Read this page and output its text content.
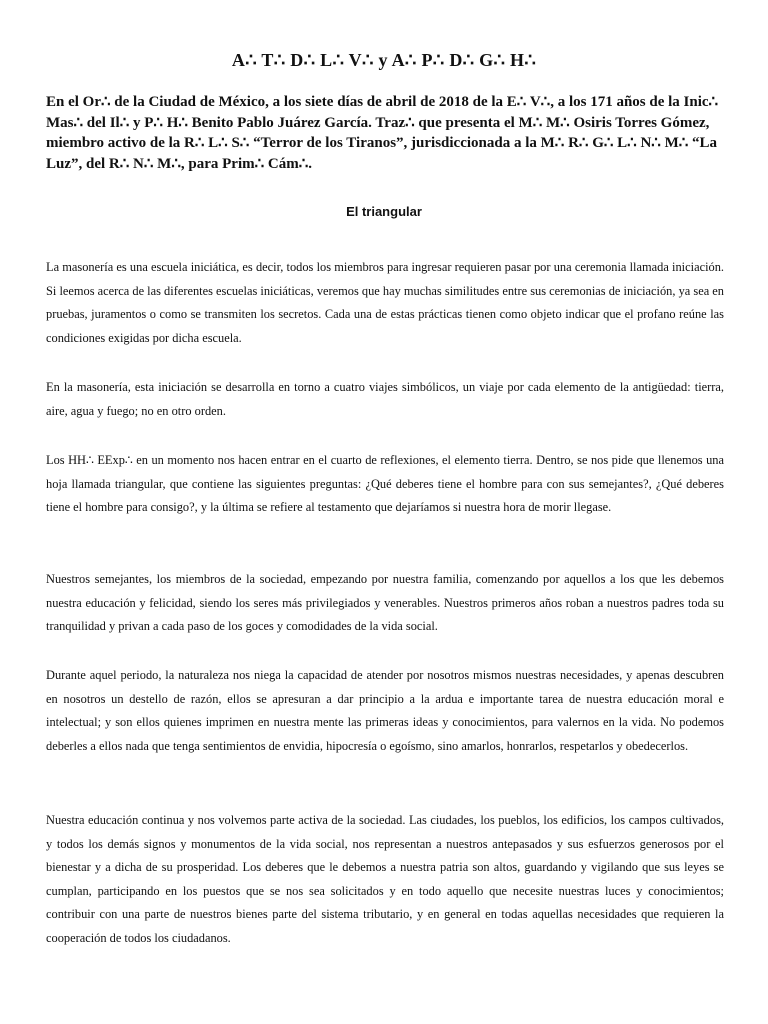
A∴ T∴ D∴ L∴ V∴ y A∴ P∴ D∴ G∴ H∴

En el Or∴ de la Ciudad de México, a los siete días de abril de 2018 de la E∴ V∴, a los 171 años de la Inic∴ Mas∴ del Il∴ y P∴ H∴ Benito Pablo Juárez García. Traz∴ que presenta el M∴ M∴ Osiris Torres Gómez, miembro activo de la R∴ L∴ S∴ “Terror de los Tiranos”, jurisdiccionada a la M∴ R∴ G∴ L∴ N∴ M∴ “La Luz”, del R∴ N∴ M∴, para Prim∴ Cám∴.

El triangular

La masonería es una escuela iniciática, es decir, todos los miembros para ingresar requieren pasar por una ceremonia llamada iniciación. Si leemos acerca de las diferentes escuelas iniciáticas, veremos que hay muchas similitudes entre sus ceremonias de iniciación, ya sea en pruebas, juramentos o como se transmiten los secretos. Cada una de estas prácticas tienen como objeto indicar que el profano reúne las condiciones exigidas por dicha escuela.

En la masonería, esta iniciación se desarrolla en torno a cuatro viajes simbólicos, un viaje por cada elemento de la antigüedad: tierra, aire, agua y fuego; no en otro orden.

Los HH∴ EExp∴ en un momento nos hacen entrar en el cuarto de reflexiones, el elemento tierra. Dentro, se nos pide que llenemos una hoja llamada triangular, que contiene las siguientes preguntas: ¿Qué deberes tiene el hombre para con sus semejantes?, ¿Qué deberes tiene el hombre para consigo?, y la última se refiere al testamento que dejaríamos si nuestra hora de morir llegase.

Nuestros semejantes, los miembros de la sociedad, empezando por nuestra familia, comenzando por aquellos a los que les debemos nuestra educación y felicidad, siendo los seres más privilegiados y venerables. Nuestros primeros años roban a nuestros padres toda su tranquilidad y privan a cada paso de los goces y comodidades de la vida social.

Durante aquel periodo, la naturaleza nos niega la capacidad de atender por nosotros mismos nuestras necesidades, y apenas descubren en nosotros un destello de razón, ellos se apresuran a dar principio a la ardua e importante tarea de nuestra educación moral e intelectual; y son ellos quienes imprimen en nuestra mente las primeras ideas y conocimientos, para valernos en la vida. No podemos deberles a ellos nada que tenga sentimientos de envidia, hipocresía o egoísmo, sino amarlos, honrarlos, respetarlos y obedecerlos.

Nuestra educación continua y nos volvemos parte activa de la sociedad. Las ciudades, los pueblos, los edificios, los campos cultivados, y todos los demás signos y monumentos de la vida social, nos representan a nuestros antepasados y sus esfuerzos generosos por el bienestar y a dicha de su prosperidad. Los deberes que le debemos a nuestra patria son altos, guardando y vigilando que sus leyes se cumplan, participando en los puestos que se nos sea solicitados y en todo aquello que necesite nuestras luces y conocimientos; contribuir con una parte de nuestros bienes parte del sistema tributario, y en general en todas aquellas necesidades que requieren la cooperación de todos los ciudadanos.
